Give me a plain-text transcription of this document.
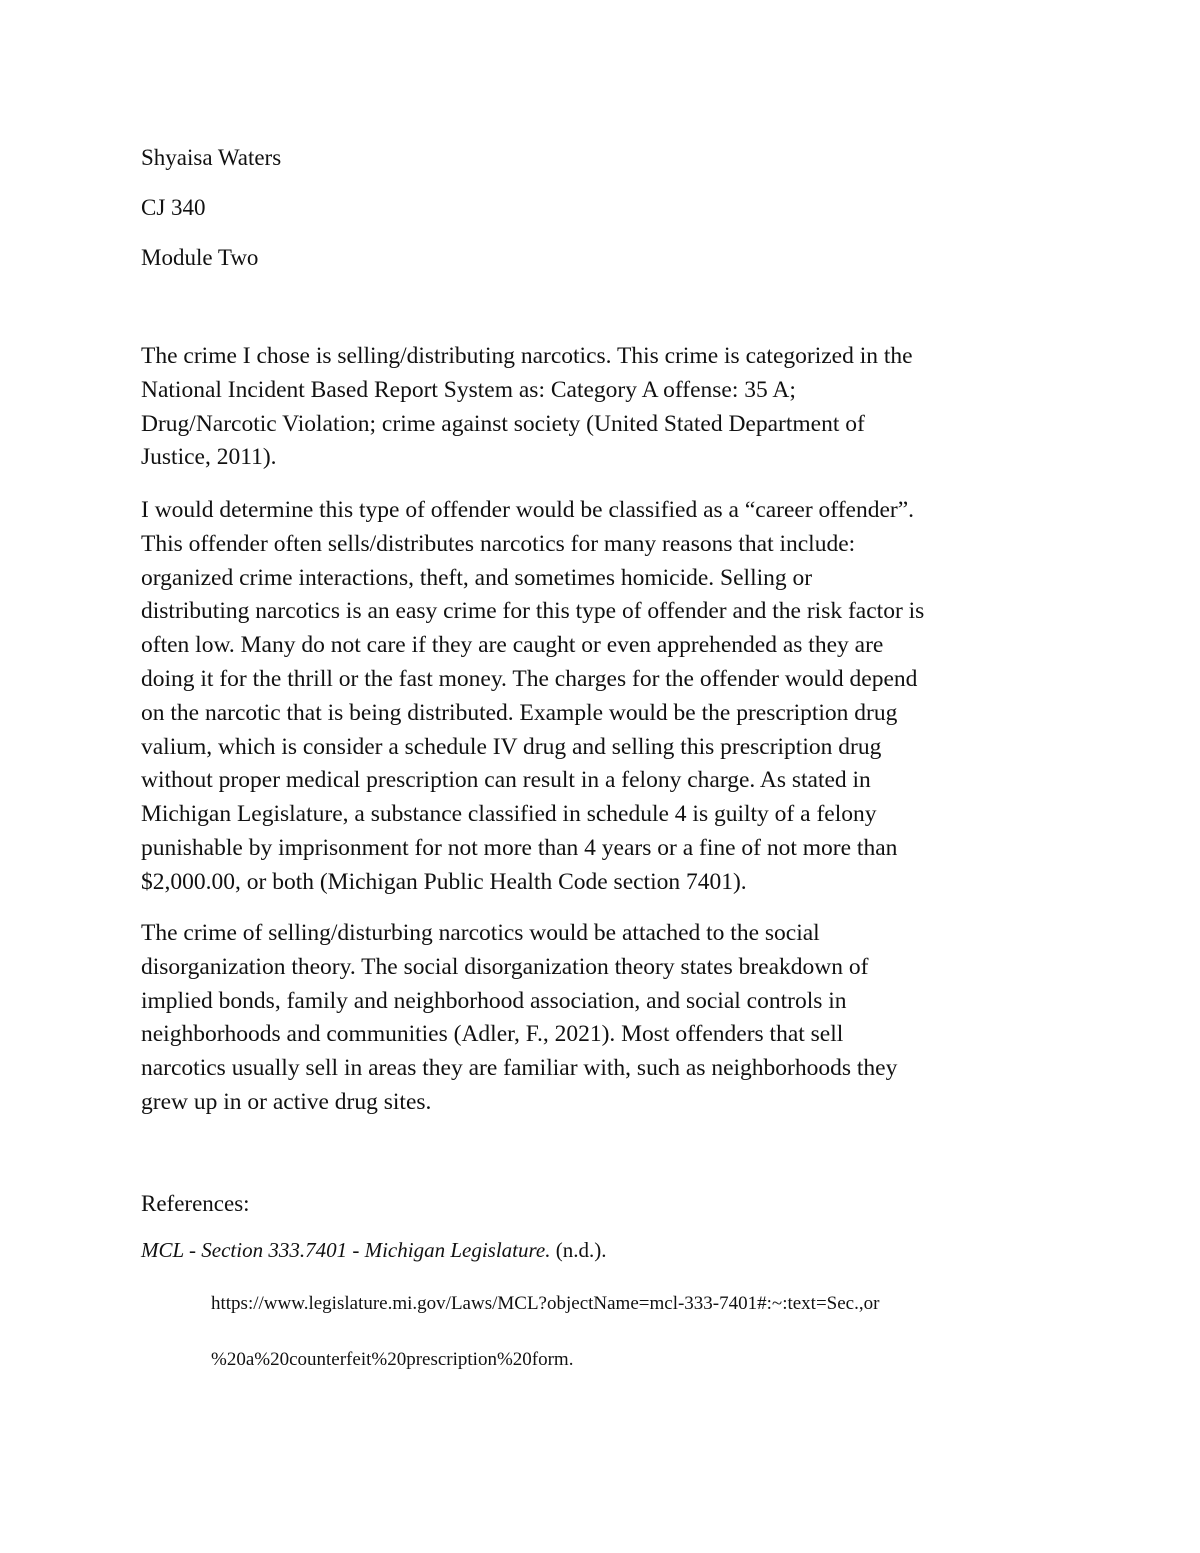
Shyaisa Waters

CJ 340

Module Two

The crime I chose is selling/distributing narcotics. This crime is categorized in the
National Incident Based Report System as: Category A offense: 35 A;
Drug/Narcotic Violation; crime against society (United Stated Department of
Justice, 2011).

I would determine this type of offender would be classified as a “career offender”.
This offender often sells/distributes narcotics for many reasons that include:
organized crime interactions, theft, and sometimes homicide. Selling or
distributing narcotics is an easy crime for this type of offender and the risk factor is
often low. Many do not care if they are caught or even apprehended as they are
doing it for the thrill or the fast money. The charges for the offender would depend
on the narcotic that is being distributed. Example would be the prescription drug
valium, which is consider a schedule IV drug and selling this prescription drug
without proper medical prescription can result in a felony charge. As stated in
Michigan Legislature, a substance classified in schedule 4 is guilty of a felony
punishable by imprisonment for not more than 4 years or a fine of not more than
$2,000.00, or both (Michigan Public Health Code section 7401).

The crime of selling/disturbing narcotics would be attached to the social
disorganization theory. The social disorganization theory states breakdown of
implied bonds, family and neighborhood association, and social controls in
neighborhoods and communities (Adler, F., 2021). Most offenders that sell
narcotics usually sell in areas they are familiar with, such as neighborhoods they
grew up in or active drug sites.

References:

MCL - Section 333.7401 - Michigan Legislature. (n.d.).

https://www.legislature.mi.gov/Laws/MCL?objectName=mcl-333-7401#:~:text=Sec.,or
%20a%20counterfeit%20prescription%20form.
